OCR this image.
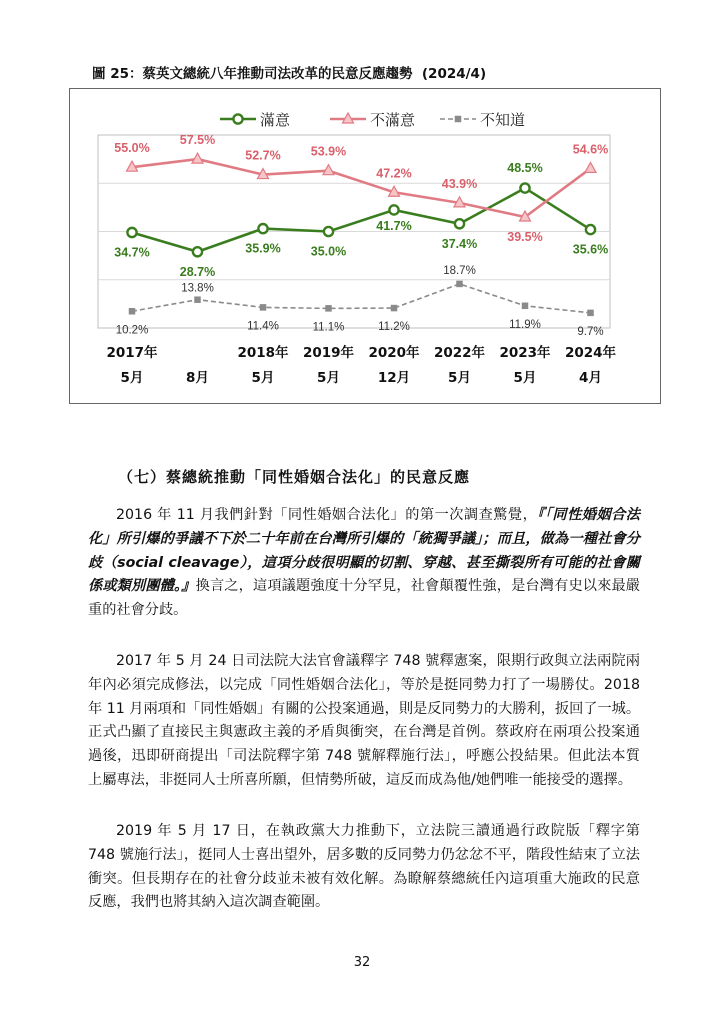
圖 25：蔡英文總統八年推動司法改革的民意反應趨勢  (2024/4)
滿意	不滿意	不知道
34.7%
28.7%
35.9% 35.0%
41.7%
37.4%
48.5%
35.6%
55.0%
57.5%
52.7% 53.9%
47.2%
43.9%
39.5%
54.6%
10.2%
13.8%
11.4%	11.1%	11.2%
18.7%
11.9%
9.7%
2017年
5月	8月
2018年
5月
2019年
5月
2020年
12月
2022年
5月
2023年
5月
2024年
4月
（七）蔡總統推動「同性婚姻合法化」的民意反應
2016 年 11 月我們針對「同性婚姻合法化」的第一次調查驚覺，『「同性婚姻合法化」所引爆的爭議不下於二十年前在台灣所引爆的「統獨爭議」；而且，做為一種社會分歧（social cleavage），這項分歧很明顯的切割、穿越、甚至撕裂所有可能的社會關係或類別團體。』換言之，這項議題強度十分罕見，社會顛覆性強，是台灣有史以來最嚴重的社會分歧。
2017 年 5 月 24 日司法院大法官會議釋字 748 號釋憲案，限期行政與立法兩院兩年內必須完成修法，以完成「同性婚姻合法化」，等於是挺同勢力打了一場勝仗。2018 年 11 月兩項和「同性婚姻」有關的公投案通過，則是反同勢力的大勝利，扳回了一城。正式凸顯了直接民主與憲政主義的矛盾與衝突，在台灣是首例。蔡政府在兩項公投案通過後，迅即研商提出「司法院釋字第 748 號解釋施行法」，呼應公投結果。但此法本質上屬專法，非挺同人士所喜所願，但情勢所破，這反而成為他/她們唯一能接受的選擇。
2019 年 5 月 17 日，在執政黨大力推動下，立法院三讀通過行政院版「釋字第 748 號施行法」，挺同人士喜出望外，居多數的反同勢力仍忿忿不平，階段性結束了立法衝突。但長期存在的社會分歧並未被有效化解。為瞭解蔡總統任內這項重大施政的民意反應，我們也將其納入這次調查範圍。
32
